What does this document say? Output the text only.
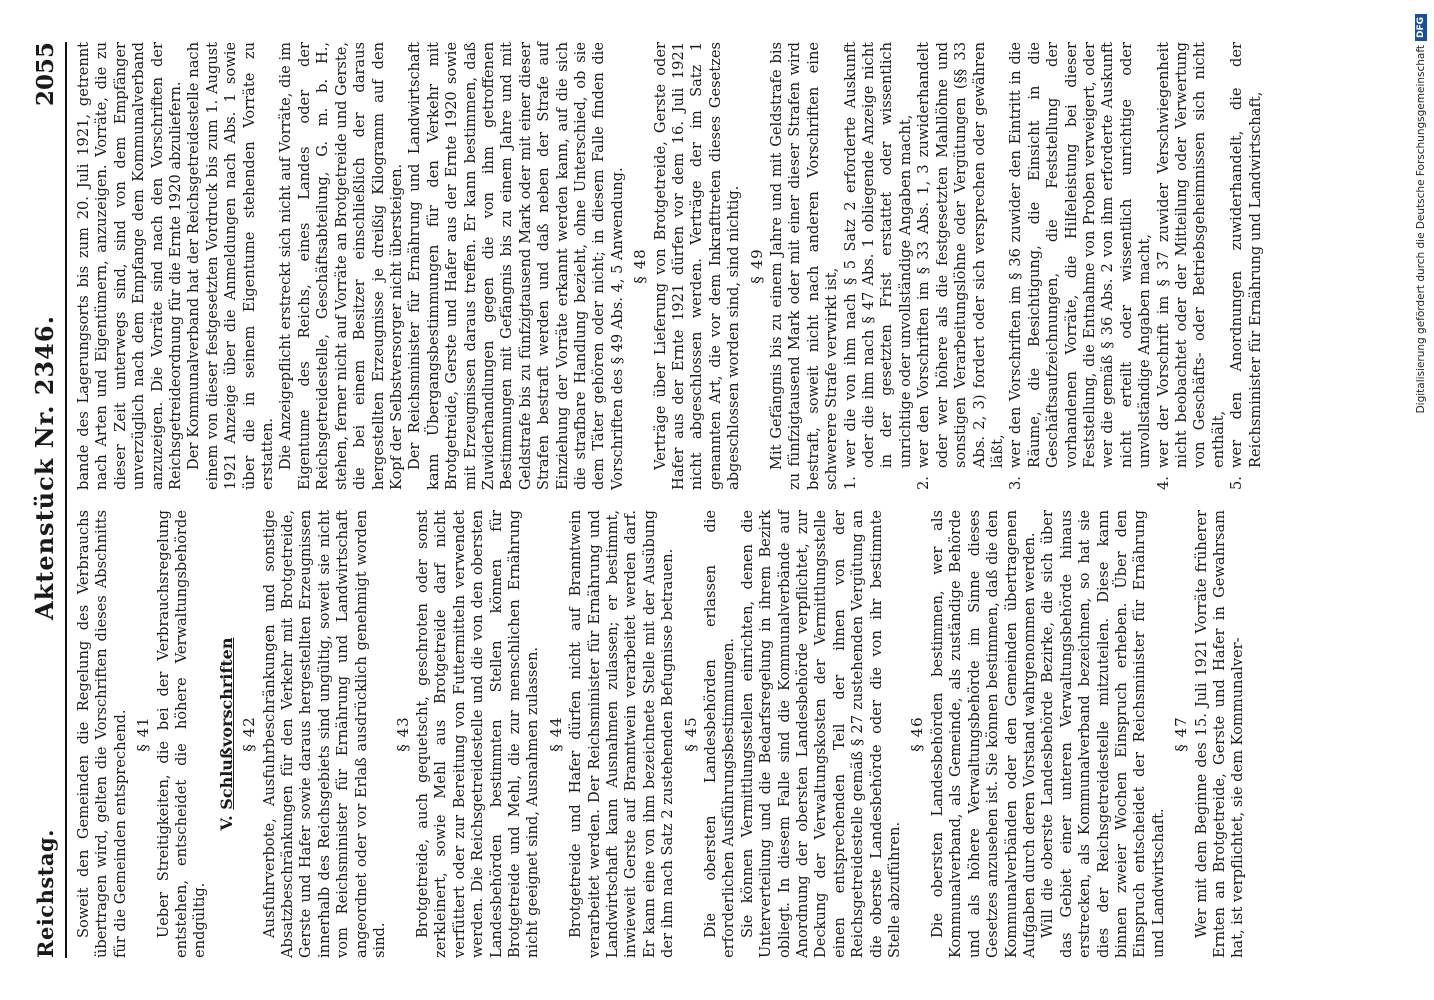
Reichstag.
Aktenstück Nr. 2346.
2055

Soweit den Gemeinden die Regelung des Verbrauchs übertragen wird, gelten die Vorschriften dieses Abschnitts für die Gemeinden entsprechend. § 41 Ueber Streitigkeiten, die bei der Verbrauchsregelung entstehen, entscheidet die höhere Verwaltungsbehörde endgültig.

V. Schlußvorschriften § 42 Ausfuhrverbote, Ausfuhrbeschränkungen und sonstige Absatzbeschränkungen für den Verkehr mit Brotgetreide, Gerste und Hafer sowie daraus hergestellten Erzeugnissen innerhalb des Reichsgebiets sind ungültig, soweit sie nicht vom Reichsminister für Ernährung und Landwirtschaft angeordnet oder vor Erlaß ausdrücklich genehmigt worden sind.

§ 43 Brotgetreide, auch gequetscht, geschroten oder sonst zerkleinert, sowie Mehl aus Brotgetreide darf nicht verfüttert oder zur Bereitung von Futtermitteln verwendet werden. Die Reichsgetreidestelle und die von den obersten Landesbehörden bestimmten Stellen können für Brotgetreide und Mehl, die zur menschlichen Ernährung nicht geeignet sind, Ausnahmen zulassen. § 44 Brotgetreide und Hafer dürfen nicht auf Branntwein verarbeitet werden. Der Reichsminister für Ernährung und Landwirtschaft kann Ausnahmen zulassen; er bestimmt, inwieweit Gerste auf Branntwein verarbeitet werden darf. Er kann eine von ihm bezeichnete Stelle mit der Ausübung der ihm nach Satz 2 zustehenden Befugnisse betrauen. § 45 Die obersten Landesbehörden erlassen die erforderlichen Ausführungsbestimmungen. Sie können Vermittlungsstellen einrichten, denen die Unterverteilung und die Bedarfsregelung in ihrem Bezirk obliegt. In diesem Falle sind die Kommunalverbände auf Anordnung der obersten Landesbehörde verpflichtet, zur Deckung der Verwaltungskosten der Vermittlungsstelle einen entsprechenden Teil der ihnen von der Reichsgetreidestelle gemäß § 27 zustehenden Vergütung an die oberste Landesbehörde oder die von ihr bestimmte Stelle abzuführen.

§ 46 Die obersten Landesbehörden bestimmen, wer als Kommunalverband, als Gemeinde, als zuständige Behörde und als höhere Verwaltungsbehörde im Sinne dieses Gesetzes anzusehen ist. Sie können bestimmen, daß die den Kommunalverbänden oder den Gemeinden übertragenen Aufgaben durch deren Vorstand wahrgenommen werden. Will die oberste Landesbehörde Bezirke, die sich über das Gebiet einer unteren Verwaltungsbehörde hinaus erstrecken, als Kommunalverband bezeichnen, so hat sie dies der Reichsgetreidestelle mitzuteilen. Diese kann binnen zweier Wochen Einspruch erheben. Über den Einspruch entscheidet der Reichsminister für Ernährung und Landwirtschaft.

§ 47 Wer mit dem Beginne des 15. Juli 1921 Vorräte früherer Ernten an Brotgetreide, Gerste und Hafer in Gewahrsam hat, ist verpflichtet, sie dem Kommunalver-

bande des Lagerungsorts bis zum 20. Juli 1921, getrennt nach Arten und Eigentümern, anzuzeigen. Vorräte, die zu dieser Zeit unterwegs sind, sind von dem Empfänger unverzüglich nach dem Empfange dem Kommunalverband anzuzeigen. Die Vorräte sind nach den Vorschriften der Reichsgetreideordnung für die Ernte 1920 abzuliefern. Der Kommunalverband hat der Reichsgetreidestelle nach einem von dieser festgesetzten Vordruck bis zum 1. August 1921 Anzeige über die Anmeldungen nach Abs. 1 sowie über die in seinem Eigentume stehenden Vorräte zu erstatten. Die Anzeigepflicht erstreckt sich nicht auf Vorräte, die im Eigentume des Reichs, eines Landes oder der Reichsgetreidestelle, Geschäftsabteilung, G. m. b. H., stehen, ferner nicht auf Vorräte an Brotgetreide und Gerste, die bei einem Besitzer einschließlich der daraus hergestellten Erzeugnisse je dreißig Kilogramm auf den Kopf der Selbstversorger nicht übersteigen. Der Reichsminister für Ernährung und Landwirtschaft kann Übergangsbestimmungen für den Verkehr mit Brotgetreide, Gerste und Hafer aus der Ernte 1920 sowie mit Erzeugnissen daraus treffen. Er kann bestimmen, daß Zuwiderhandlungen gegen die von ihm getroffenen Bestimmungen mit Gefängnis bis zu einem Jahre und mit Geldstrafe bis zu fünfzigtausend Mark oder mit einer dieser Strafen bestraft werden und daß neben der Strafe auf Einziehung der Vorräte erkannt werden kann, auf die sich die strafbare Handlung bezieht, ohne Unterschied, ob sie dem Täter gehören oder nicht; in diesem Falle finden die Vorschriften des § 49 Abs. 4, 5 Anwendung. § 48 Verträge über Lieferung von Brotgetreide, Gerste oder Hafer aus der Ernte 1921 dürfen vor dem 16. Juli 1921 nicht abgeschlossen werden. Verträge der im Satz 1 genannten Art, die vor dem Inkrafttreten dieses Gesetzes abgeschlossen worden sind, sind nichtig. § 49 Mit Gefängnis bis zu einem Jahre und mit Geldstrafe bis zu fünfzigtausend Mark oder mit einer dieser Strafen wird bestraft, soweit nicht nach anderen Vorschriften eine schwerere Strafe verwirkt ist, 1.
wer die von ihm nach § 5 Satz 2 erforderte Auskunft oder die ihm nach § 47 Abs. 1 obliegende Anzeige nicht in der gesetzten Frist erstattet oder wissentlich unrichtige oder unvollständige Angaben macht,
2.
wer den Vorschriften im § 33 Abs. 1, 3 zuwiderhandelt oder wer höhere als die festgesetzten Mahllöhne und sonstigen Verarbeitungslöhne oder Vergütungen (§§ 33 Abs. 2, 3) fordert oder sich versprechen oder gewähren läßt,
3.
wer den Vorschriften im § 36 zuwider den Eintritt in die Räume, die Besichtigung, die Einsicht in die Geschäftsaufzeichnungen, die Feststellung der vorhandenen Vorräte, die Hilfeleistung bei dieser Feststellung, die Entnahme von Proben verweigert, oder wer die gemäß § 36 Abs. 2 von ihm erforderte Auskunft nicht erteilt oder wissentlich unrichtige oder unvollständige Angaben macht,
4.
wer der Vorschrift im § 37 zuwider Verschwiegenheit nicht beobachtet oder der Mitteilung oder Verwertung von Geschäfts- oder Betriebsgeheimnissen sich nicht enthält,
5.
wer den Anordnungen zuwiderhandelt, die der Reichsminister für Ernährung und Landwirtschaft,	Digitalisierung gefördert durch die Deutsche Forschungsgemeinschaft
DFG
